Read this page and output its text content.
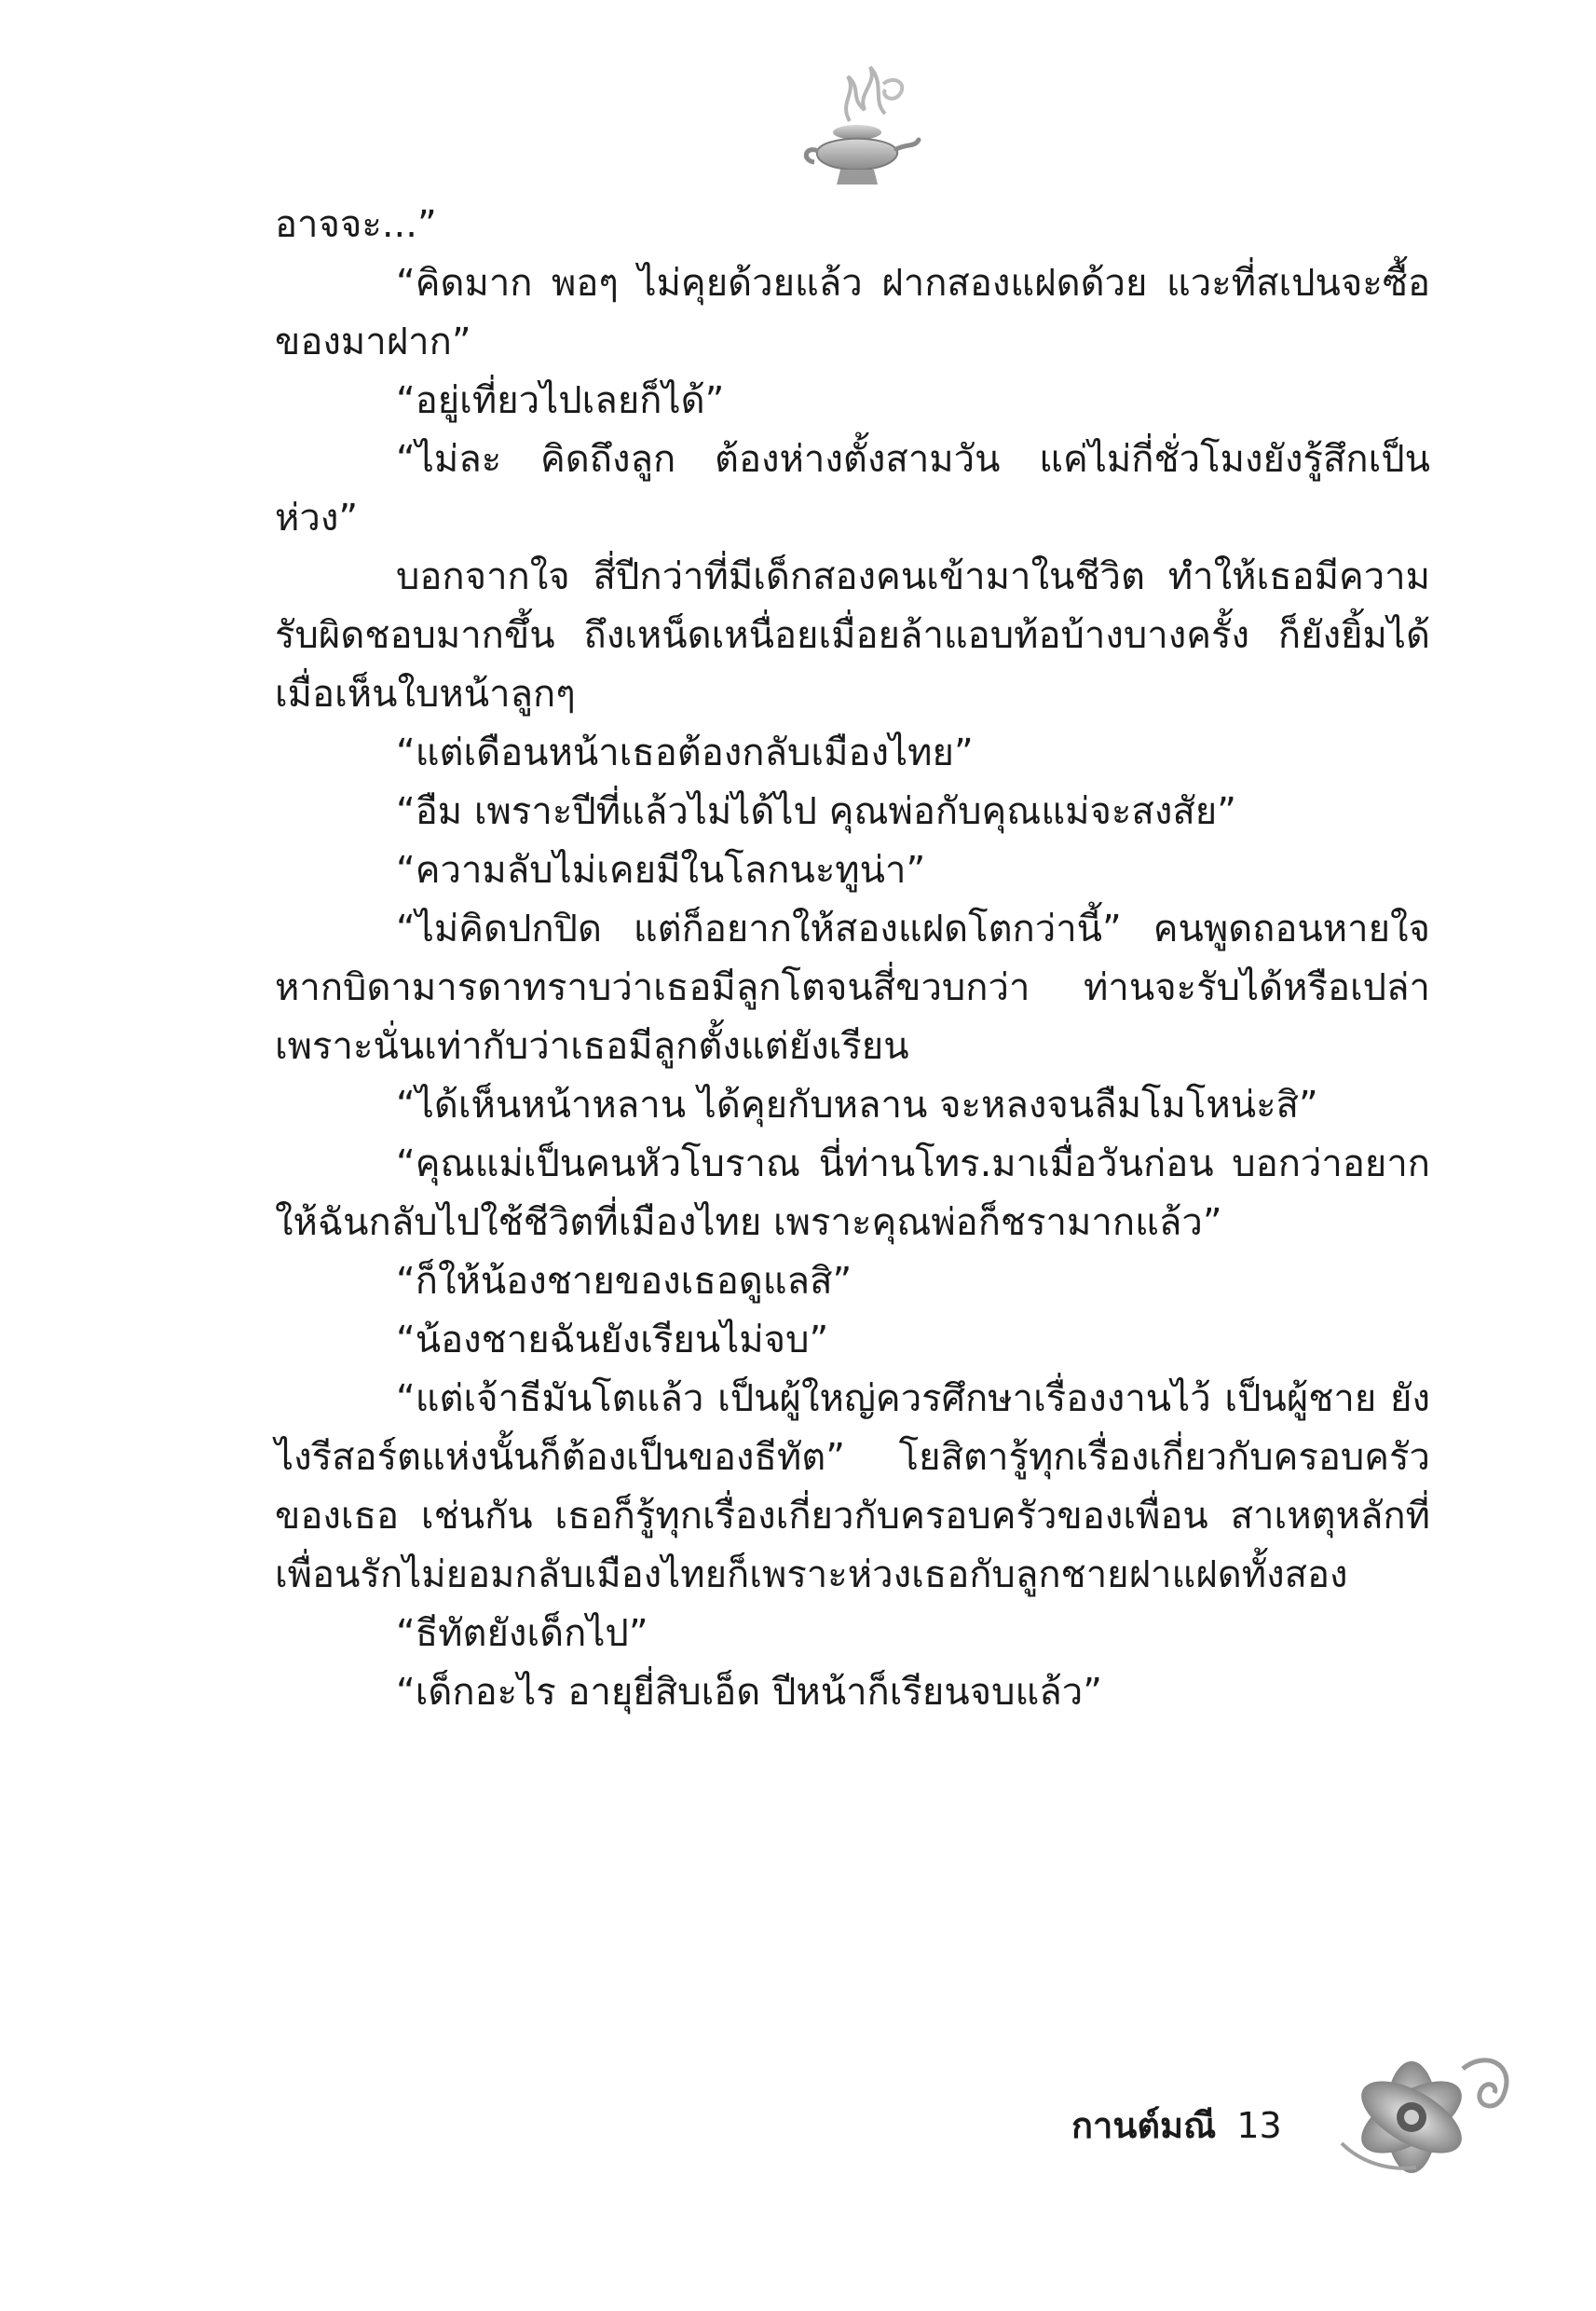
อาจจะ...”

“คิดมาก พอๆ ไม่คุยด้วยแล้ว ฝากสองแฝดด้วย แวะที่สเปนจะซื้อของมาฝาก”

“อยู่เที่ยวไปเลยก็ได้”

“ไม่ละ คิดถึงลูก ต้องห่างตั้งสามวัน แค่ไม่กี่ชั่วโมงยังรู้สึกเป็นห่วง”

บอกจากใจ สี่ปีกว่าที่มีเด็กสองคนเข้ามาในชีวิต ทำให้เธอมีความรับผิดชอบมากขึ้น ถึงเหน็ดเหนื่อยเมื่อยล้าแอบท้อบ้างบางครั้ง ก็ยังยิ้มได้เมื่อเห็นใบหน้าลูกๆ

“แต่เดือนหน้าเธอต้องกลับเมืองไทย”

“อืม เพราะปีที่แล้วไม่ได้ไป คุณพ่อกับคุณแม่จะสงสัย”

“ความลับไม่เคยมีในโลกนะทูน่า”

“ไม่คิดปกปิด แต่ก็อยากให้สองแฝดโตกว่านี้” คนพูดถอนหายใจ หากบิดามารดาทราบว่าเธอมีลูกโตจนสี่ขวบกว่า ท่านจะรับได้หรือเปล่า เพราะนั่นเท่ากับว่าเธอมีลูกตั้งแต่ยังเรียน

“ได้เห็นหน้าหลาน ได้คุยกับหลาน จะหลงจนลืมโมโหน่ะสิ”

“คุณแม่เป็นคนหัวโบราณ นี่ท่านโทร.มาเมื่อวันก่อน บอกว่าอยากให้ฉันกลับไปใช้ชีวิตที่เมืองไทย เพราะคุณพ่อก็ชรามากแล้ว”

“ก็ให้น้องชายของเธอดูแลสิ”

“น้องชายฉันยังเรียนไม่จบ”

“แต่เจ้าธีมันโตแล้ว เป็นผู้ใหญ่ควรศึกษาเรื่องงานไว้ เป็นผู้ชาย ยังไงรีสอร์ตแห่งนั้นก็ต้องเป็นของธีทัต” โยสิตารู้ทุกเรื่องเกี่ยวกับครอบครัวของเธอ เช่นกัน เธอก็รู้ทุกเรื่องเกี่ยวกับครอบครัวของเพื่อน สาเหตุหลักที่เพื่อนรักไม่ยอมกลับเมืองไทยก็เพราะห่วงเธอกับลูกชายฝาแฝดทั้งสอง

“ธีทัตยังเด็กไป”

“เด็กอะไร อายุยี่สิบเอ็ด ปีหน้าก็เรียนจบแล้ว”

กานต์มณี 13
